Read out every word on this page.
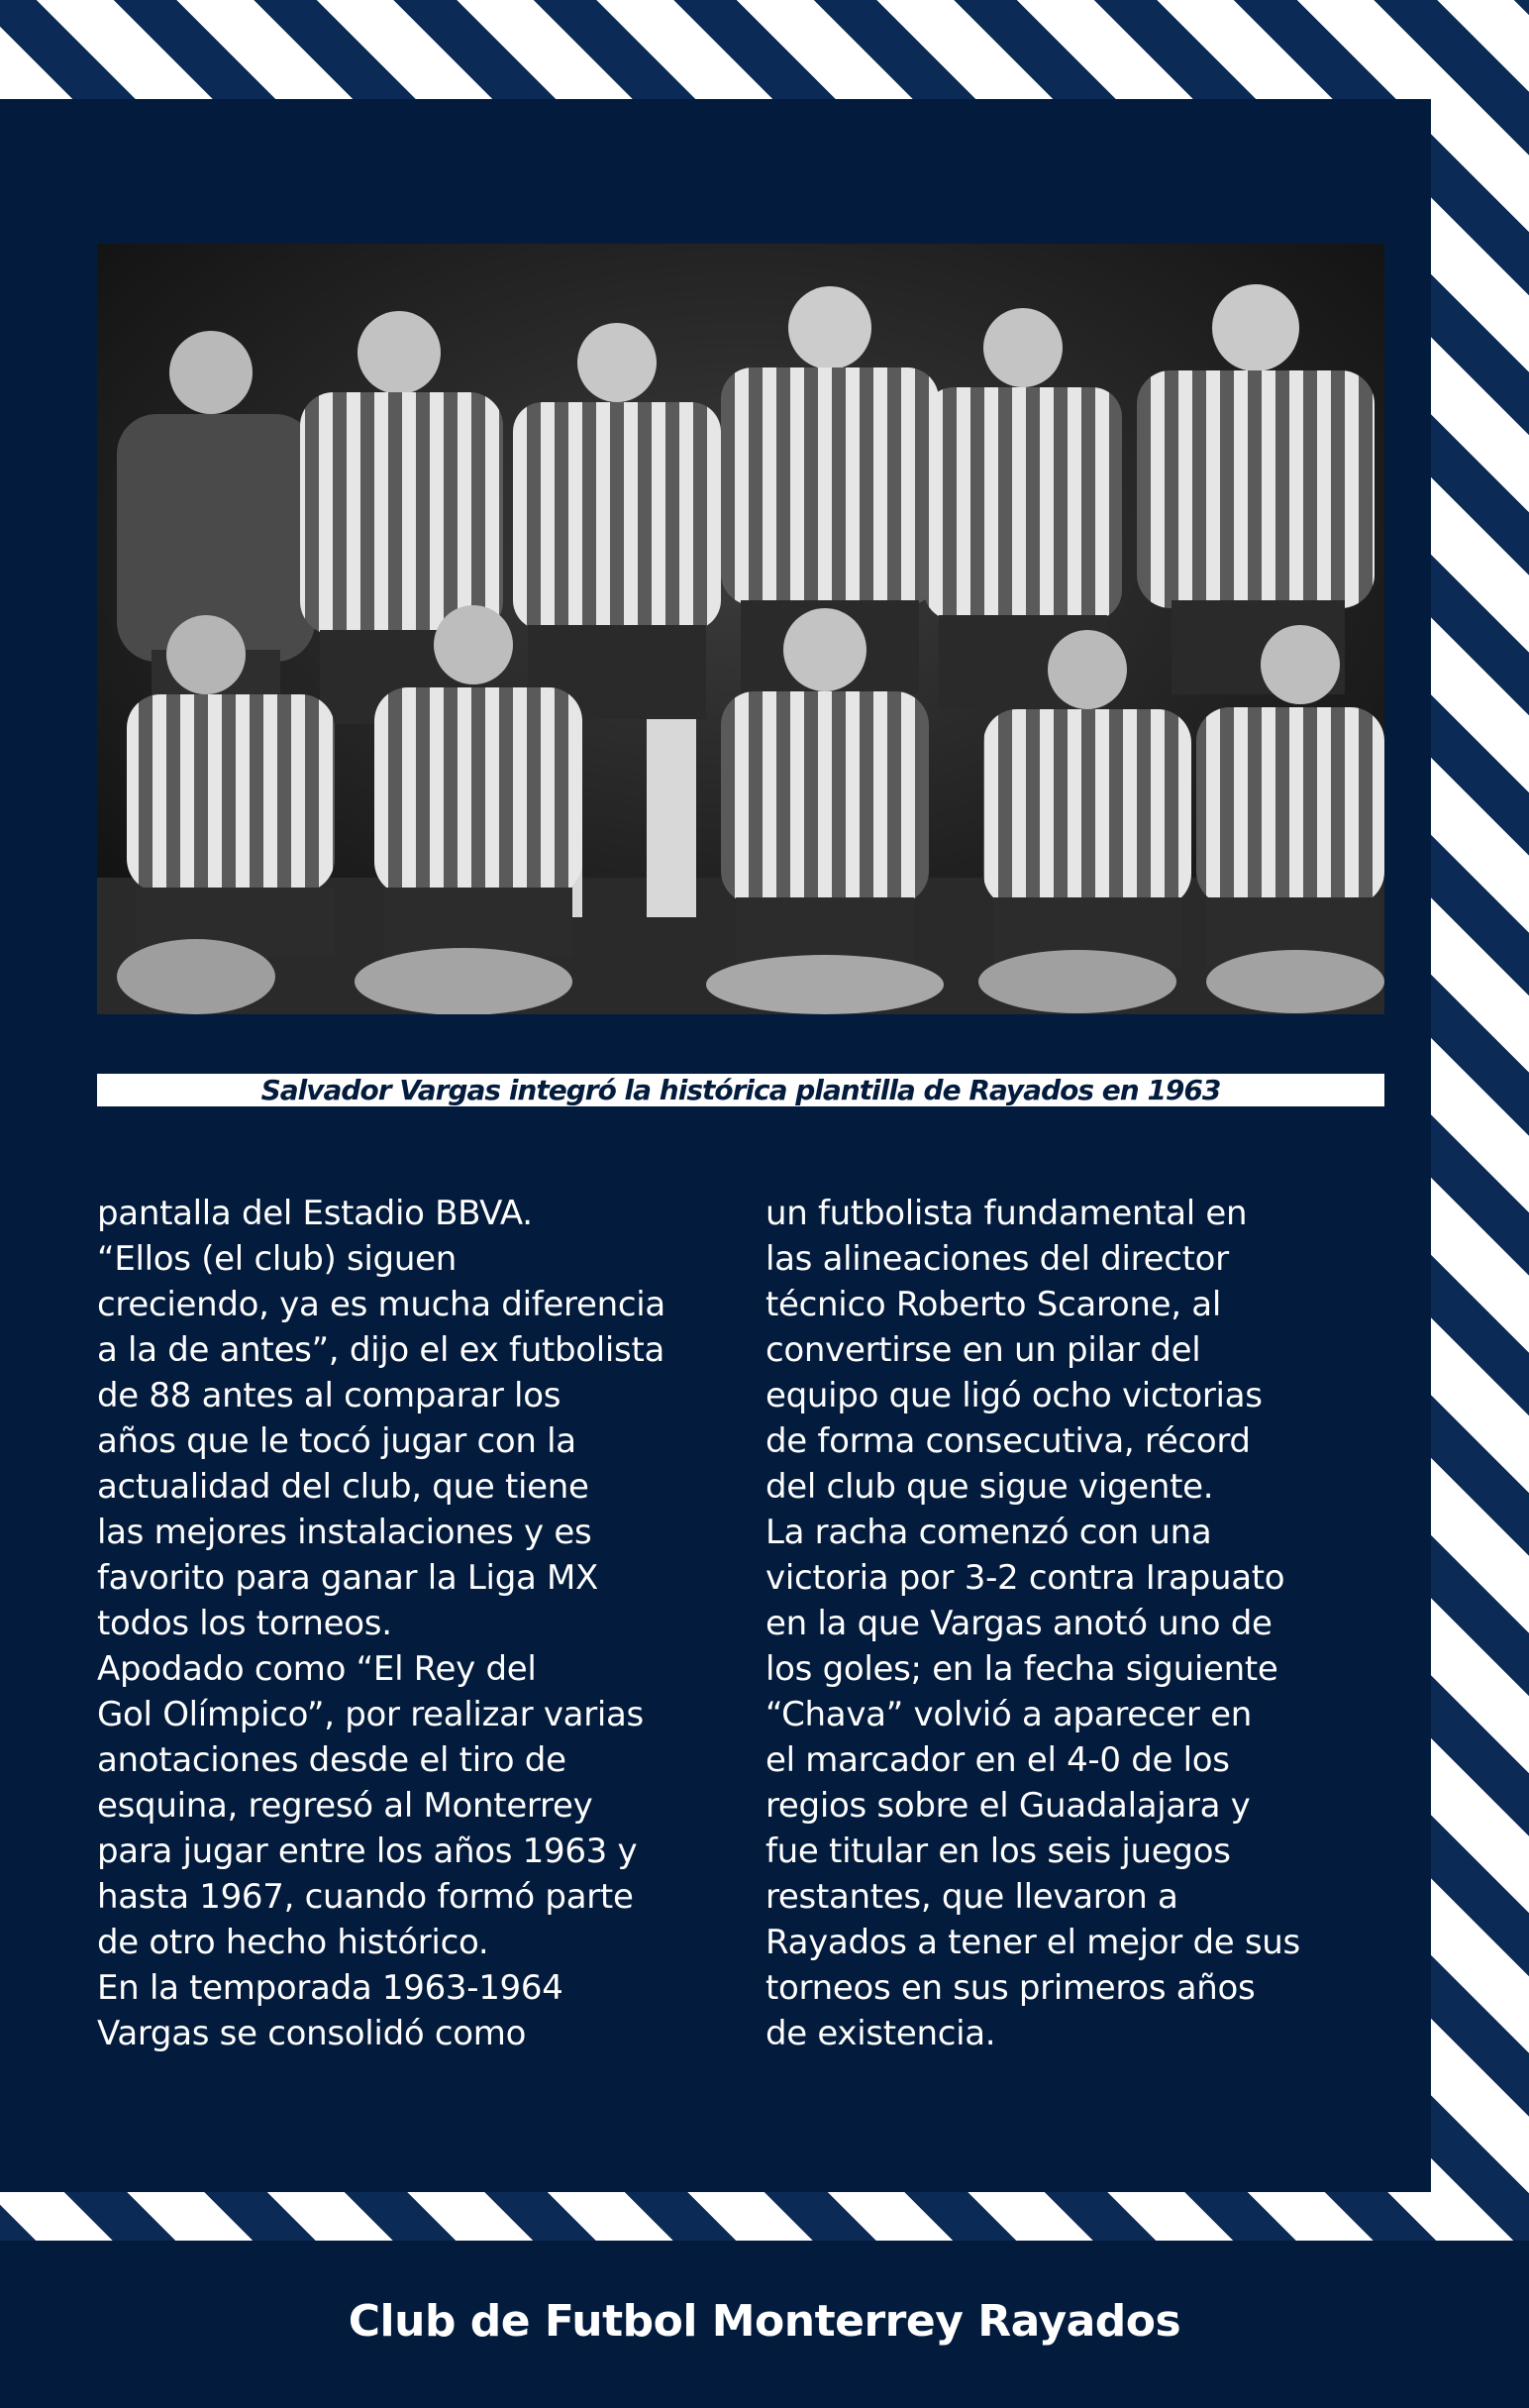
Salvador Vargas integró la histórica plantilla de Rayados en 1963
pantalla del Estadio BBVA.
“Ellos (el club) siguen
creciendo, ya es mucha diferencia
a la de antes”, dijo el ex futbolista
de 88 antes al comparar los
años que le tocó jugar con la
actualidad del club, que tiene
las mejores instalaciones y es
favorito para ganar la Liga MX
todos los torneos.
Apodado como “El Rey del
Gol Olímpico”, por realizar varias
anotaciones desde el tiro de
esquina, regresó al Monterrey
para jugar entre los años 1963 y
hasta 1967, cuando formó parte
de otro hecho histórico.
En la temporada 1963-1964
Vargas se consolidó como
un futbolista fundamental en
las alineaciones del director
técnico Roberto Scarone, al
convertirse en un pilar del
equipo que ligó ocho victorias
de forma consecutiva, récord
del club que sigue vigente.
La racha comenzó con una
victoria por 3-2 contra Irapuato
en la que Vargas anotó uno de
los goles; en la fecha siguiente
“Chava” volvió a aparecer en
el marcador en el 4-0 de los
regios sobre el Guadalajara y
fue titular en los seis juegos
restantes, que llevaron a
Rayados a tener el mejor de sus
torneos en sus primeros años
de existencia.
Club de Futbol Monterrey Rayados
